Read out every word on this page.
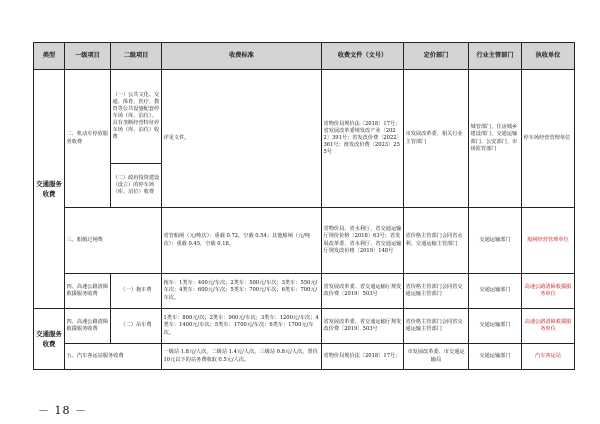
类型	一级项目	二级项目	收费标准	收费文件（文号）	定价部门	行业主管部门	执收单位
交通服务收费	二、机动车停放服务收费	（一）公共文化、交通、体育、医疗、教育等公共设施配套停车场（库、泊位），具有垄断经营特征停车场（库、泊位）收费	详见文件。	省物价局规价法〔2018〕17号；省发展改革委规发改产业〔2022〕391号；省发改价费〔2022〕361号；淮发改价费〔2023〕255号	市发展改革委、相关行业主管部门	城管部门、住房城乡建设部门、交通运输部门、公安部门、市场监管部门	停车场经营管理单位
		（二）政府投资建设（设立）的停车场（库、泊位）收费					
	三、船舶过闸费		省管船闸（元/吨次）：重载 0.72，空载 0.54；其他船闸（元/吨次）：重载 0.45，空载 0.18。	省物价局、省水利厅、省交通运输厅规价价格〔2018〕63号；省发展改革委、省水利厅、省交通运输厅规发改价格〔2019〕148号	省价格主管部门会同省水利、交通运输主管部门	交通运输部门	船闸经营管理单位
	四、高速公路清障救援服务收费	（一）拖车费	拖车：1类车：400元/车次；2类车：500元/车次；3类车：550元/车次；4类车：600元/车次；5类车：700元/车次；6类车：700元/车次。	省发展改革委、省交通运输厅规发改价费〔2019〕503号	省价格主管部门会同省交通运输主管部门	交通运输部门	高速公路清障救援服务单位
交通服务收费	四、高速公路清障救援服务收费	（二）吊车费	1类车：800元/次；2类车：900元/车次；3类车：1200元/车次；4类车：1400元/车次；5类车：1700元/车次；6类车：1700元/车次。	省发展改革委、省交通运输厅规发改价费〔2019〕503号	省价格主管部门会同省交通运输主管部门	交通运输部门	高速公路清障救援服务单位
	五、汽车客运站服务收费		一级站 1.8元/人次，二级站 1.4元/人次，三级站 0.8元/人次，票价 10元以下的站务费收取 0.5元/人次。	省物价局规价法〔2018〕17号；	市发展改革委、市交通运输局	交通运输部门	汽车客运站
－ 18 －
